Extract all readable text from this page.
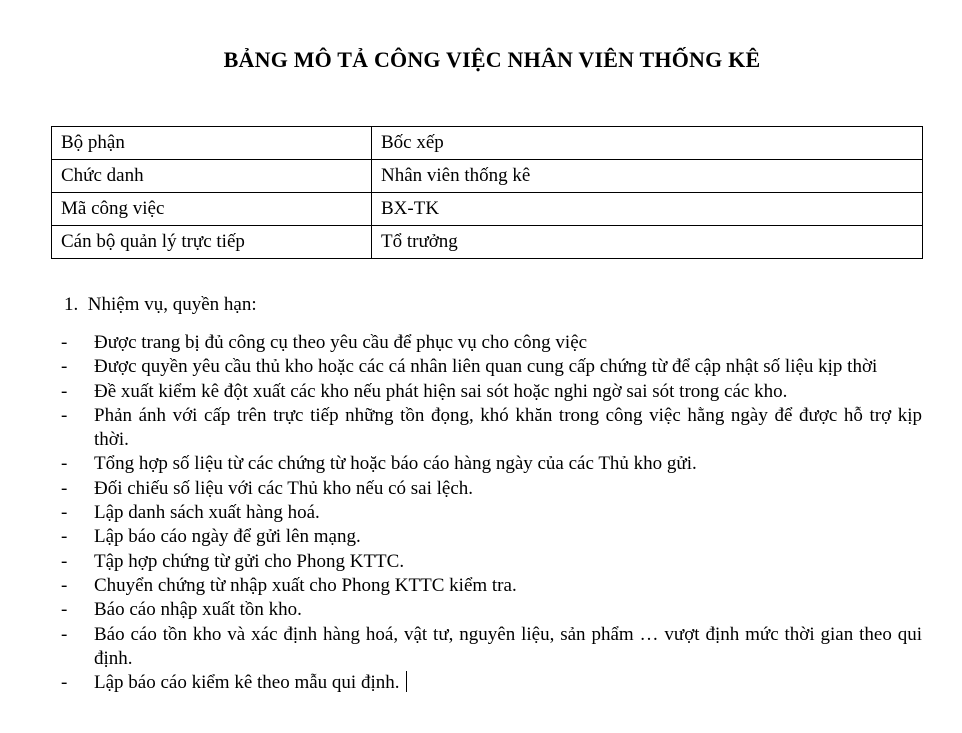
BẢNG MÔ TẢ CÔNG VIỆC NHÂN VIÊN THỐNG KÊ
Bộ phận	Bốc xếp
Chức danh	Nhân viên thống kê
Mã công việc	BX-TK
Cán bộ quản lý trực tiếp	Tổ trưởng
1. Nhiệm vụ, quyền hạn:
- Được trang bị đủ công cụ theo yêu cầu để phục vụ cho công việc
- Được quyền yêu cầu thủ kho hoặc các cá nhân liên quan cung cấp chứng từ để cập nhật số liệu kịp thời
- Đề xuất kiểm kê đột xuất các kho nếu phát hiện sai sót hoặc nghi ngờ sai sót trong các kho.
- Phản ánh với cấp trên trực tiếp những tồn đọng, khó khăn trong công việc hằng ngày để được hỗ trợ kịp thời.
- Tổng hợp số liệu từ các chứng từ hoặc báo cáo hàng ngày của các Thủ kho gửi.
- Đối chiếu số liệu với các Thủ kho nếu có sai lệch.
- Lập danh sách xuất hàng hoá.
- Lập báo cáo ngày để gửi lên mạng.
- Tập hợp chứng từ gửi cho Phong KTTC.
- Chuyển chứng từ nhập xuất cho Phong KTTC kiểm tra.
- Báo cáo nhập xuất tồn kho.
- Báo cáo tồn kho và xác định hàng hoá, vật tư, nguyên liệu, sản phẩm … vượt định mức thời gian theo qui định.
- Lập báo cáo kiểm kê theo mẫu qui định.
